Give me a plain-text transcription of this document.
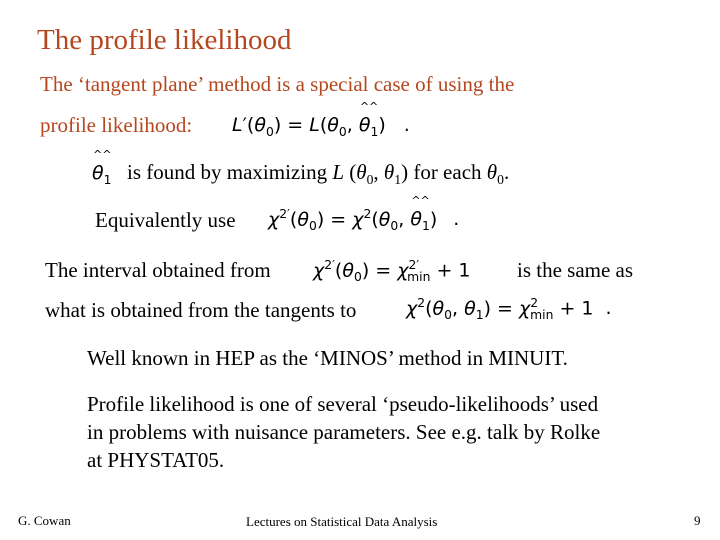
The profile likelihood
The ‘tangent plane’ method is a special case of using the
profile likelihood: $L'(\theta_0) = L(\theta_0$,
^^
$\theta_1$) .
^^
$\theta_1$ is found by maximizing L ($\theta_0$, $\theta_1$) for each $\theta_0$.
Equivalently use $\chi^{2'}(\theta_0) = \chi^2(\theta_0$,
^^
$\theta_1$) .
The interval obtained from $\chi^{2'}(\theta_0) = \chi^{2'}_{min} + 1$ is the same as
what is obtained from the tangents to	$\chi^2(\theta_0$, $\theta_1) = \chi^2_{min} + 1$ .
Well known in HEP as the ‘MINOS’ method in MINUIT.
Profile likelihood is one of several ‘pseudo-likelihoods’ used
in problems with nuisance parameters. See e.g. talk by Rolke
at PHYSTAT05.
G. Cowan	Lectures on Statistical Data Analysis	9
